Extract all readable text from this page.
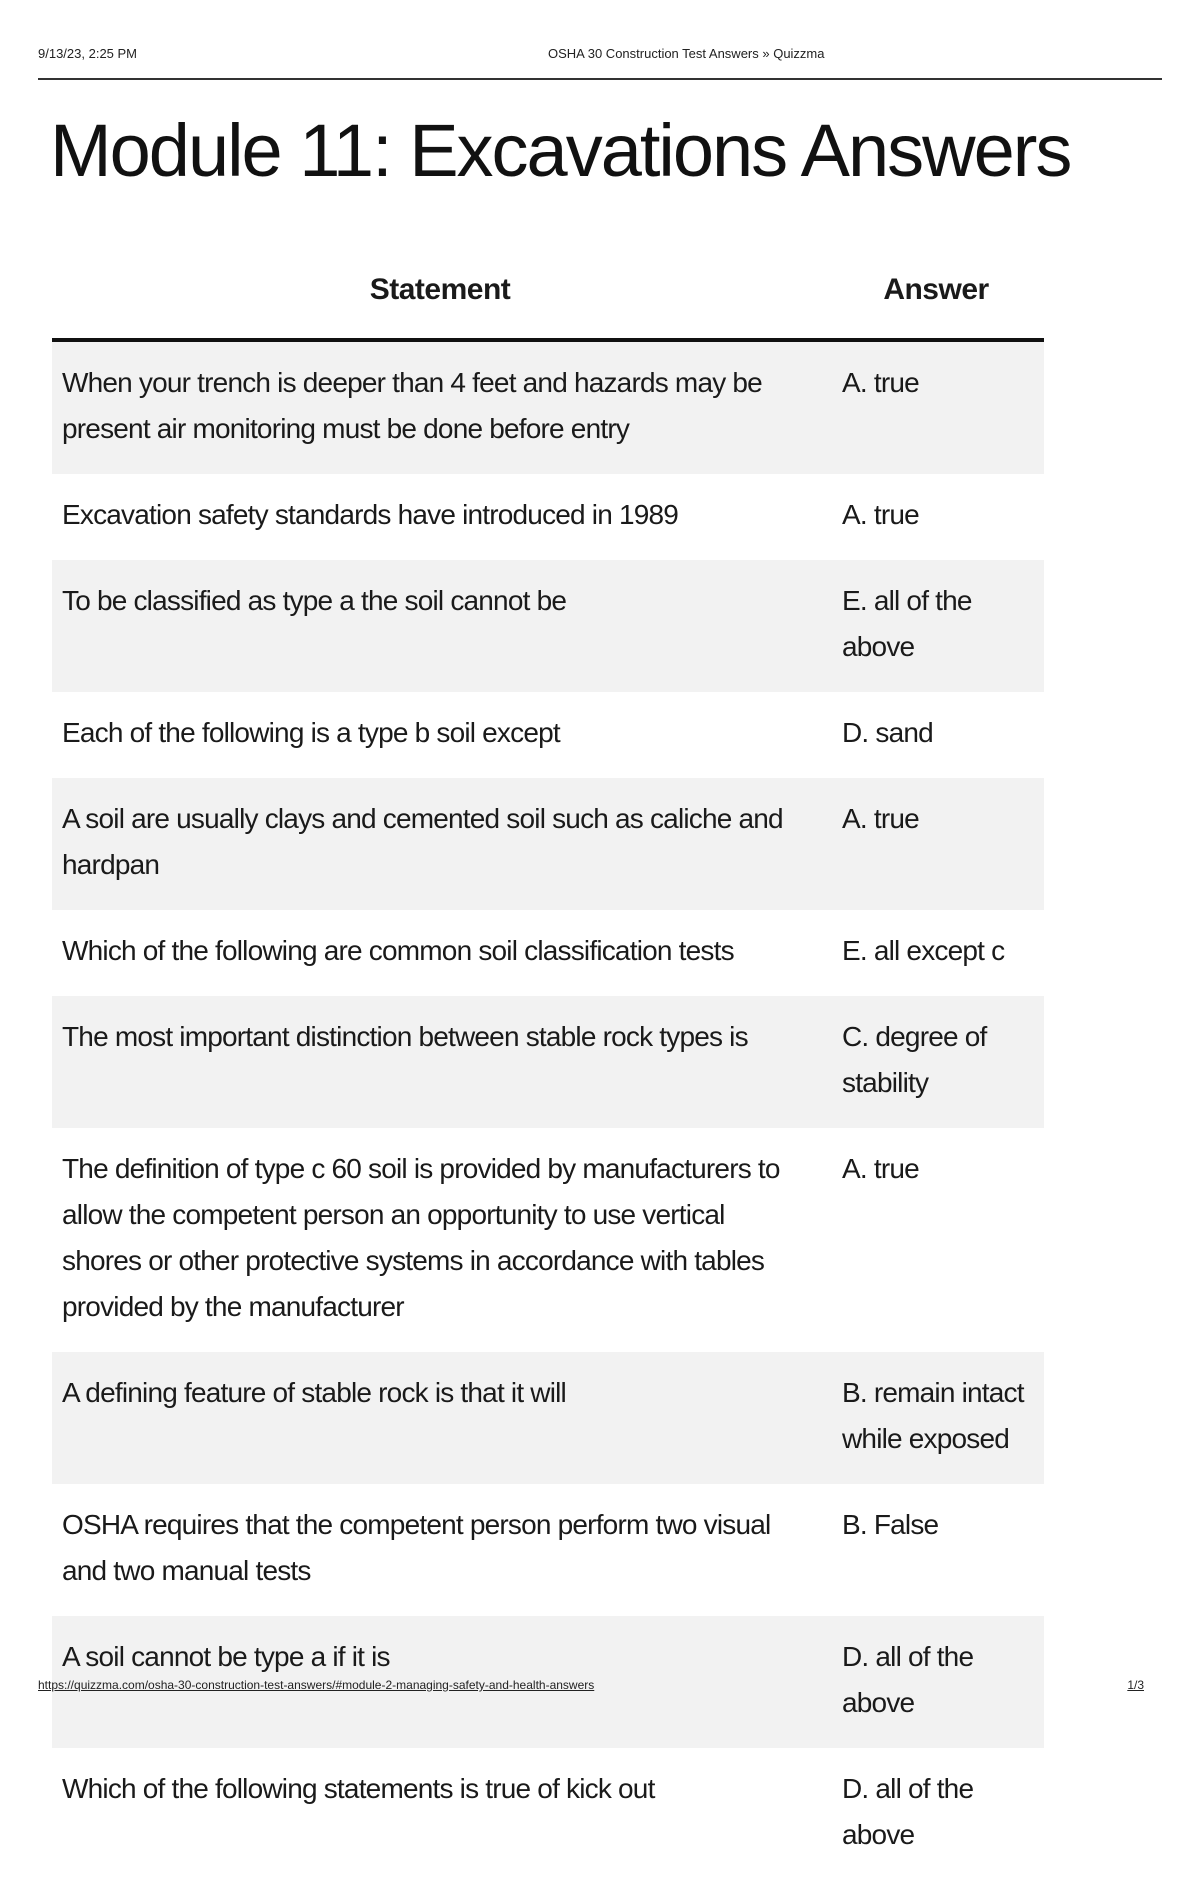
9/13/23, 2:25 PM	OSHA 30 Construction Test Answers » Quizzma
Module 11: Excavations Answers
Statement	Answer
When your trench is deeper than 4 feet and hazards may be present air monitoring must be done before entry	A. true
Excavation safety standards have introduced in 1989	A. true
To be classified as type a the soil cannot be	E. all of the above
Each of the following is a type b soil except	D. sand
A soil are usually clays and cemented soil such as caliche and hardpan	A. true
Which of the following are common soil classification tests	E. all except c
The most important distinction between stable rock types is	C. degree of stability
The definition of type c 60 soil is provided by manufacturers to allow the competent person an opportunity to use vertical shores or other protective systems in accordance with tables provided by the manufacturer	A. true
A defining feature of stable rock is that it will	B. remain intact while exposed
OSHA requires that the competent person perform two visual and two manual tests	B. False
A soil cannot be type a if it is	D. all of the above
Which of the following statements is true of kick out	D. all of the above
https://quizzma.com/osha-30-construction-test-answers/#module-2-managing-safety-and-health-answers	1/3
